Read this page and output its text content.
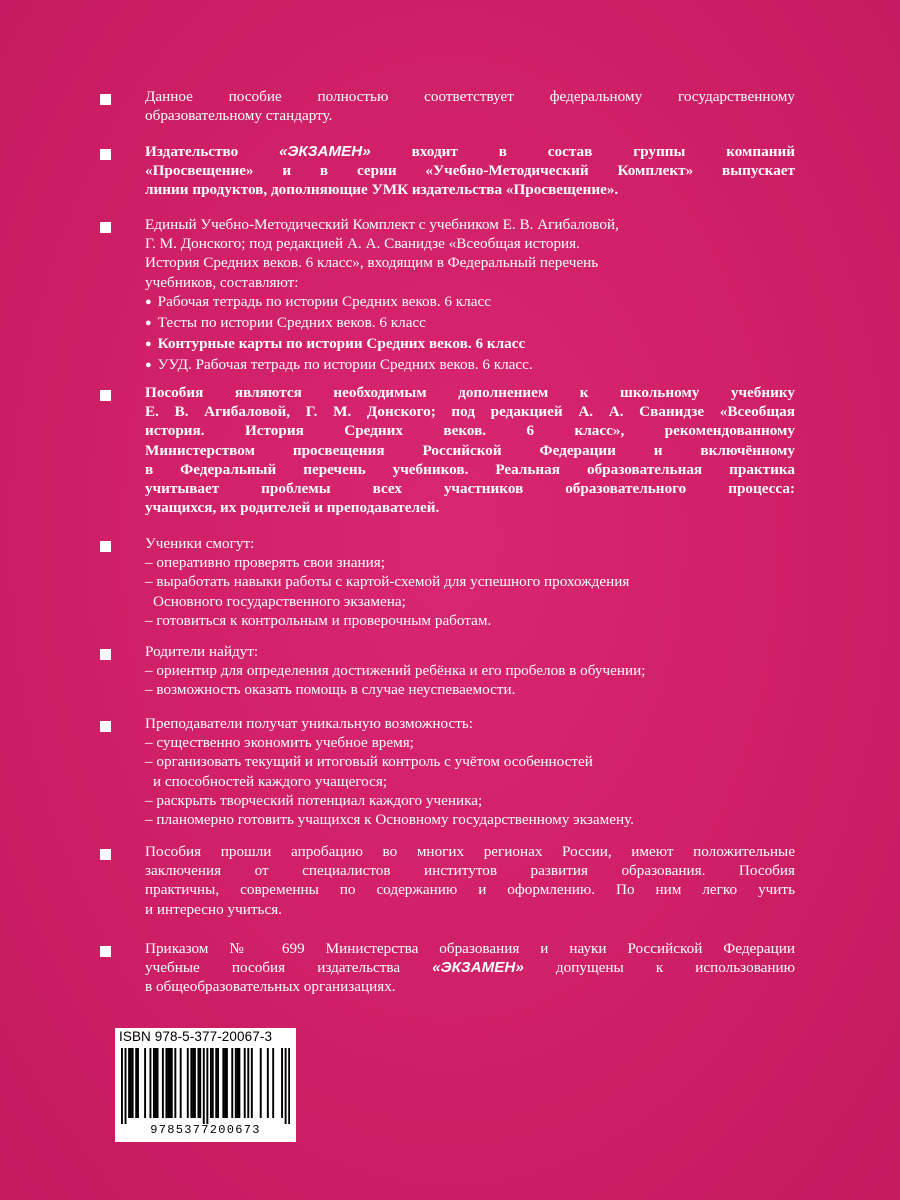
Данное пособие полностью соответствует федеральному государственному
образовательному стандарту.
Издательство «ЭКЗАМЕН» входит в состав группы компаний
«Просвещение» и в серии «Учебно-Методический Комплект» выпускает
линии продуктов, дополняющие УМК издательства «Просвещение».
Единый Учебно-Методический Комплект с учебником Е. В. Агибаловой,
Г. М. Донского; под редакцией А. А. Сванидзе «Всеобщая история.
История Средних веков. 6 класс», входящим в Федеральный перечень
учебников, составляют:
● Рабочая тетрадь по истории Средних веков. 6 класс
● Тесты по истории Средних веков. 6 класс
● Контурные карты по истории Средних веков. 6 класс
● УУД. Рабочая тетрадь по истории Средних веков. 6 класс.
Пособия являются необходимым дополнением к школьному учебнику
Е. В. Агибаловой, Г. М. Донского; под редакцией А. А. Сванидзе «Всеобщая
история. История Средних веков. 6 класс», рекомендованному
Министерством просвещения Российской Федерации и включённому
в Федеральный перечень учебников. Реальная образовательная практика
учитывает проблемы всех участников образовательного процесса:
учащихся, их родителей и преподавателей.
Ученики смогут:
– оперативно проверять свои знания;
– выработать навыки работы с картой-схемой для успешного прохождения
Основного государственного экзамена;
– готовиться к контрольным и проверочным работам.
Родители найдут:
– ориентир для определения достижений ребёнка и его пробелов в обучении;
– возможность оказать помощь в случае неуспеваемости.
Преподаватели получат уникальную возможность:
– существенно экономить учебное время;
– организовать текущий и итоговый контроль с учётом особенностей
и способностей каждого учащегося;
– раскрыть творческий потенциал каждого ученика;
– планомерно готовить учащихся к Основному государственному экзамену.
Пособия прошли апробацию во многих регионах России, имеют положительные
заключения от специалистов институтов развития образования. Пособия
практичны, современны по содержанию и оформлению. По ним легко учить
и интересно учиться.
Приказом № 699 Министерства образования и науки Российской Федерации
учебные пособия издательства «ЭКЗАМЕН» допущены к использованию
в общеобразовательных организациях.
ISBN 978-5-377-20067-3
9785377200673
